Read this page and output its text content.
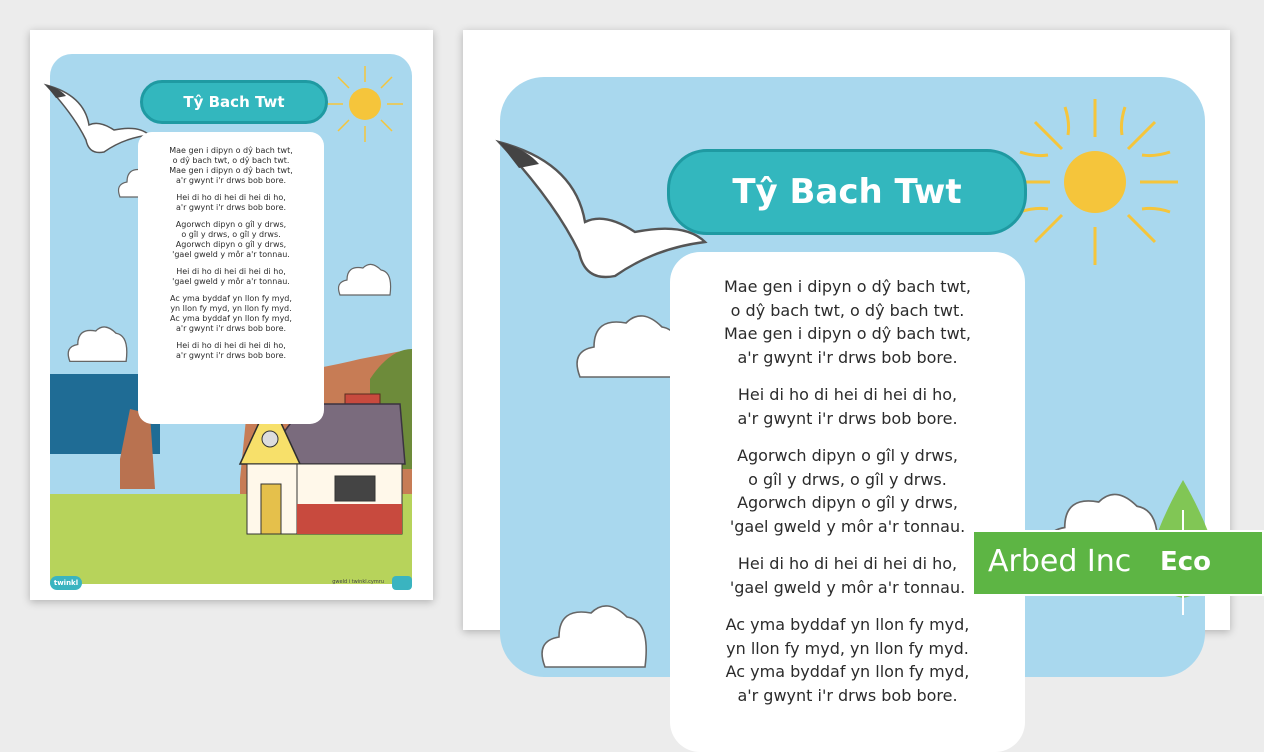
Tŷ Bach Twt
Mae gen i dipyn o dŷ bach twt,
o dŷ bach twt, o dŷ bach twt.
Mae gen i dipyn o dŷ bach twt,
a'r gwynt i'r drws bob bore.
Hei di ho di hei di hei di ho,
a'r gwynt i'r drws bob bore.
Agorwch dipyn o gîl y drws,
o gîl y drws, o gîl y drws.
Agorwch dipyn o gîl y drws,
'gael gweld y môr a'r tonnau.
Hei di ho di hei di hei di ho,
'gael gweld y môr a'r tonnau.
Ac yma byddaf yn llon fy myd,
yn llon fy myd, yn llon fy myd.
Ac yma byddaf yn llon fy myd,
a'r gwynt i'r drws bob bore.
Hei di ho di hei di hei di ho,
a'r gwynt i'r drws bob bore.
twinkl	gweld i twinkl.cymru
Tŷ Bach Twt
Mae gen i dipyn o dŷ bach twt,
o dŷ bach twt, o dŷ bach twt.
Mae gen i dipyn o dŷ bach twt,
a'r gwynt i'r drws bob bore.
Hei di ho di hei di hei di ho,
a'r gwynt i'r drws bob bore.
Agorwch dipyn o gîl y drws,
o gîl y drws, o gîl y drws.
Agorwch dipyn o gîl y drws,
'gael gweld y môr a'r tonnau.
Hei di ho di hei di hei di ho,
'gael gweld y môr a'r tonnau.
Ac yma byddaf yn llon fy myd,
yn llon fy myd, yn llon fy myd.
Ac yma byddaf yn llon fy myd,
a'r gwynt i'r drws bob bore.
Arbed Inc Eco
